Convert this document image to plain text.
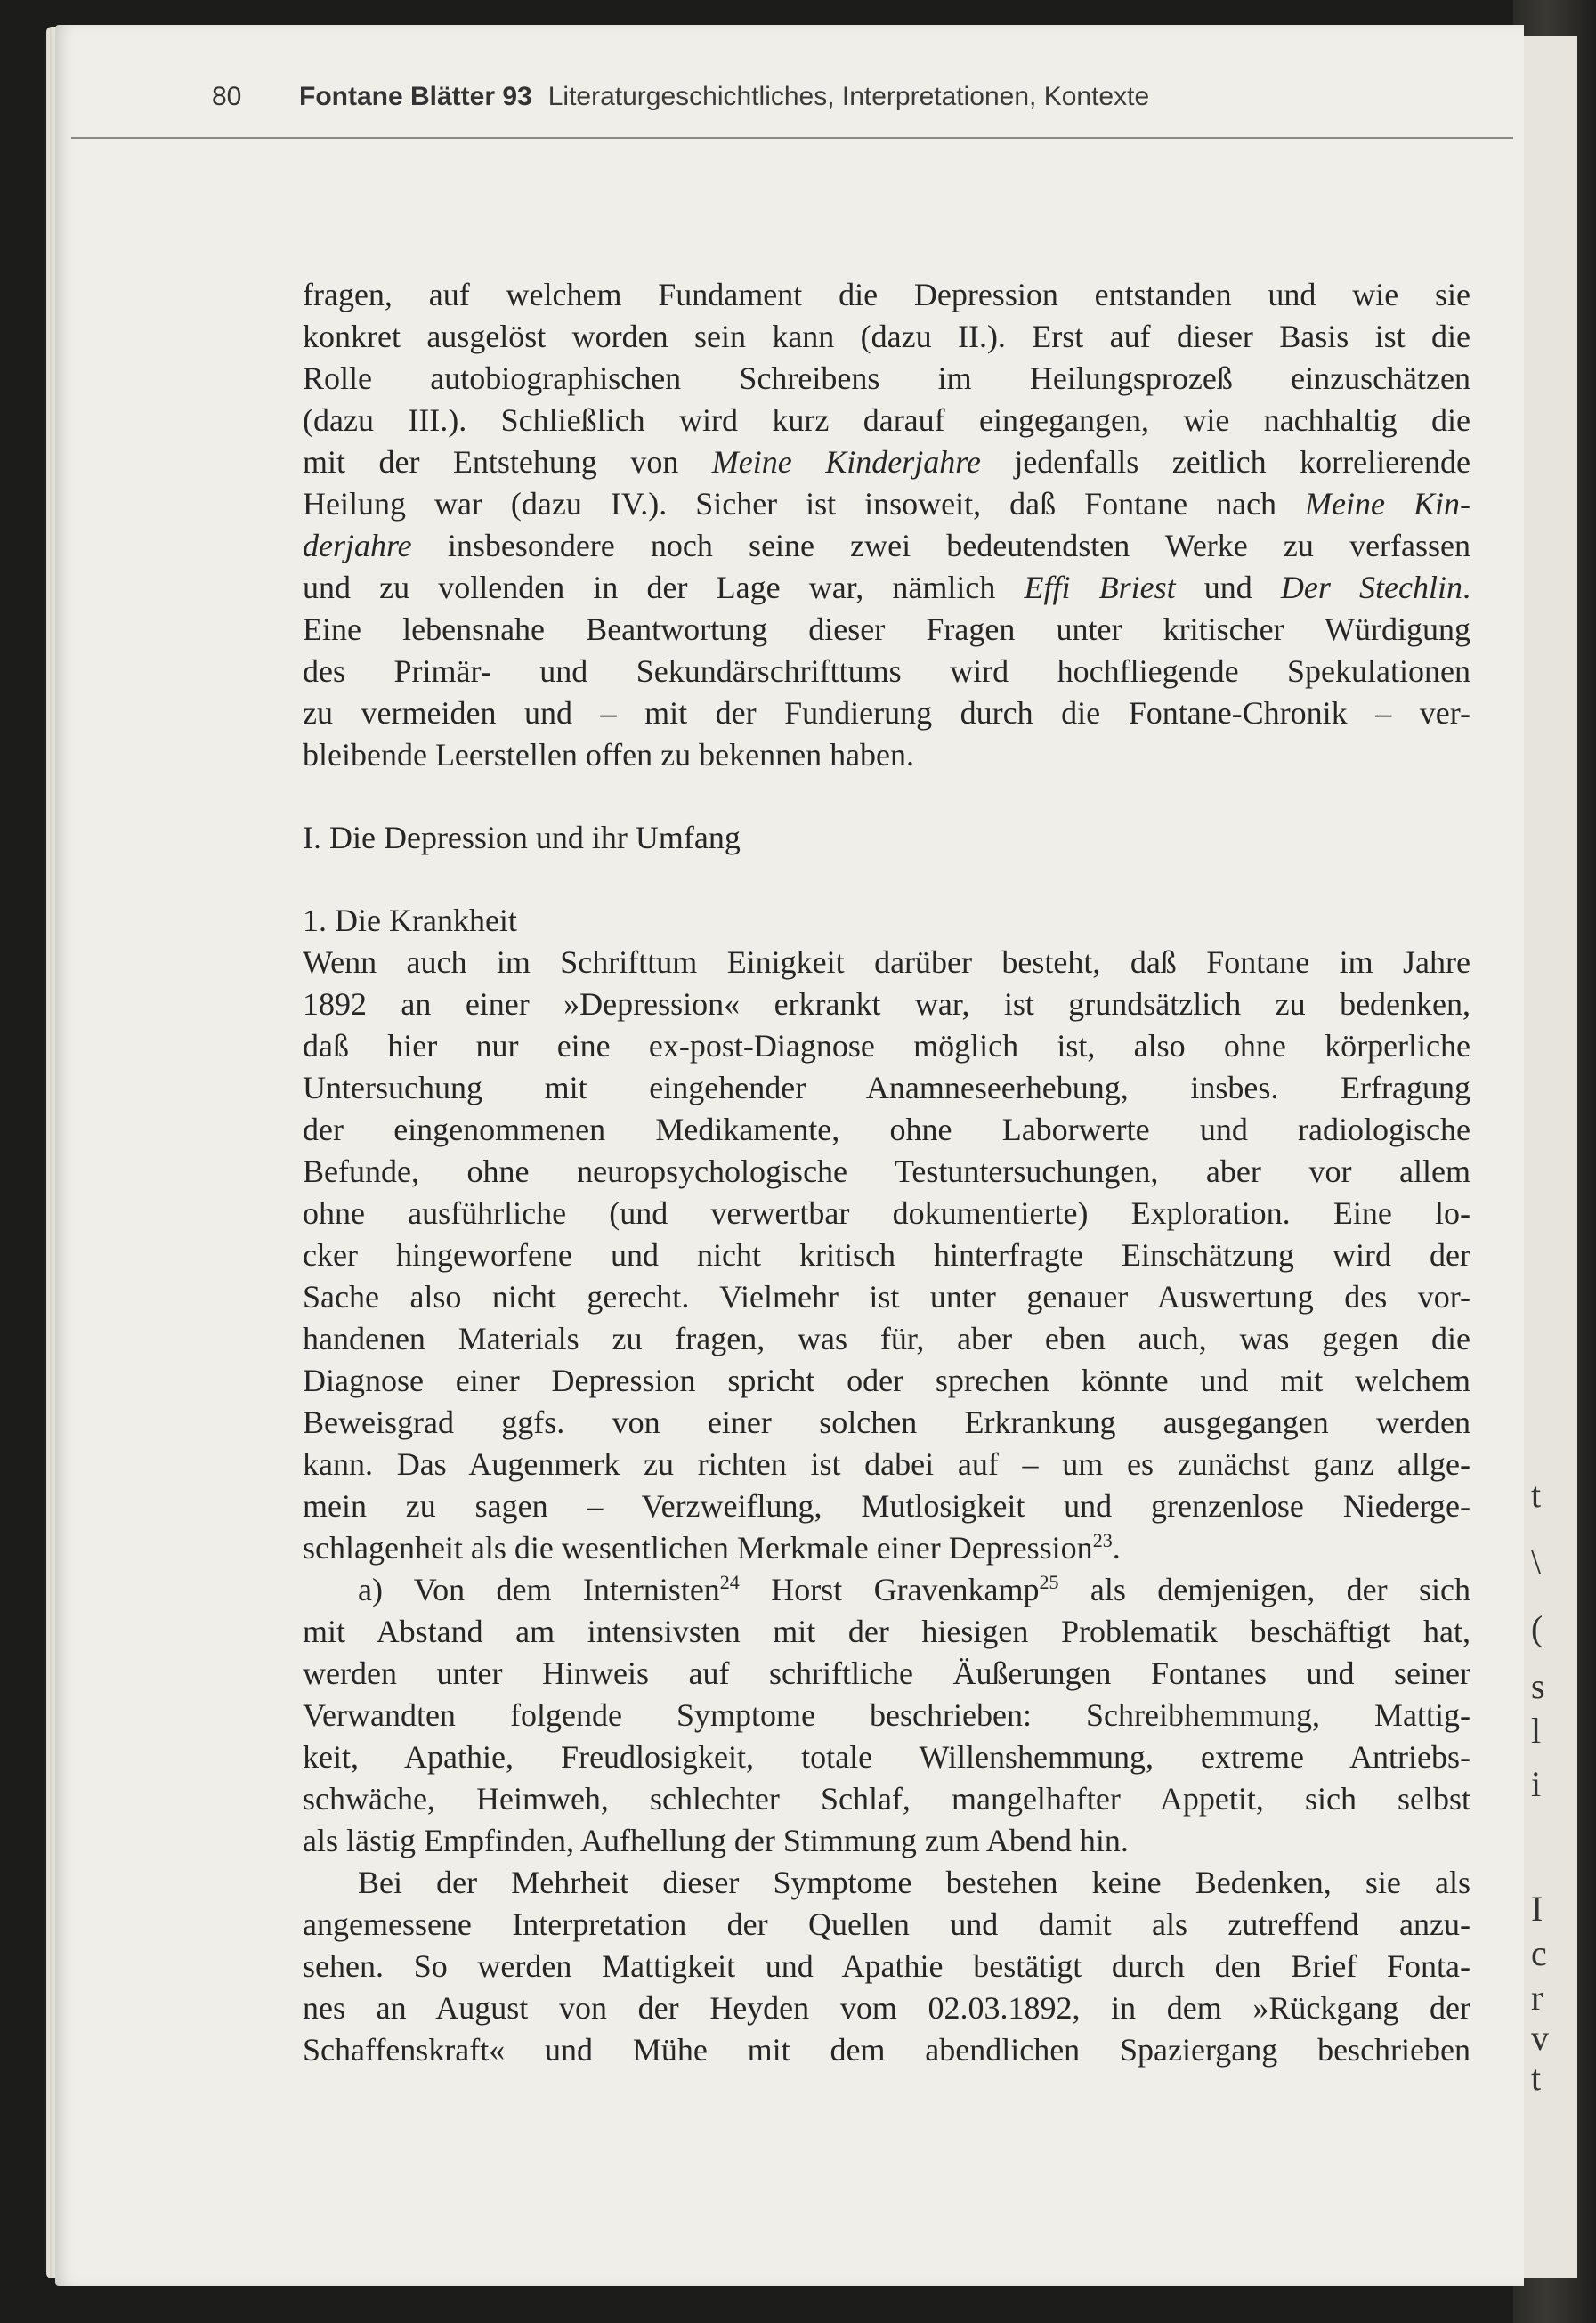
t
\
(
s
l
i
I
c
r
v
t
80 Fontane Blätter 93 Literaturgeschichtliches, Interpretationen, Kontexte

fragen, auf welchem Fundament die Depression entstanden und wie sie

konkret ausgelöst worden sein kann (dazu II.). Erst auf dieser Basis ist die

Rolle autobiographischen Schreibens im Heilungsprozeß einzuschätzen

(dazu III.). Schließlich wird kurz darauf eingegangen, wie nachhaltig die

mit der Entstehung von Meine Kinderjahre jedenfalls zeitlich korrelierende

Heilung war (dazu IV.). Sicher ist insoweit, daß Fontane nach Meine Kin-

derjahre insbesondere noch seine zwei bedeutendsten Werke zu verfassen

und zu vollenden in der Lage war, nämlich Effi Briest und Der Stechlin.

Eine lebensnahe Beantwortung dieser Fragen unter kritischer Würdigung

des Primär- und Sekundärschrifttums wird hochfliegende Spekulationen

zu vermeiden und – mit der Fundierung durch die Fontane-Chronik – ver-

bleibende Leerstellen offen zu bekennen haben.

I. Die Depression und ihr Umfang

1. Die Krankheit

Wenn auch im Schrifttum Einigkeit darüber besteht, daß Fontane im Jahre

1892 an einer »Depression« erkrankt war, ist grundsätzlich zu bedenken,

daß hier nur eine ex-post-Diagnose möglich ist, also ohne körperliche

Untersuchung mit eingehender Anamneseerhebung, insbes. Erfragung

der eingenommenen Medikamente, ohne Laborwerte und radiologische

Befunde, ohne neuropsychologische Testuntersuchungen, aber vor allem

ohne ausführliche (und verwertbar dokumentierte) Exploration. Eine lo-

cker hingeworfene und nicht kritisch hinterfragte Einschätzung wird der

Sache also nicht gerecht. Vielmehr ist unter genauer Auswertung des vor-

handenen Materials zu fragen, was für, aber eben auch, was gegen die

Diagnose einer Depression spricht oder sprechen könnte und mit welchem

Beweisgrad ggfs. von einer solchen Erkrankung ausgegangen werden

kann. Das Augenmerk zu richten ist dabei auf – um es zunächst ganz allge-

mein zu sagen – Verzweiflung, Mutlosigkeit und grenzenlose Niederge-

schlagenheit als die wesentlichen Merkmale einer Depression$^{23}$.

a) Von dem Internisten$^{24}$ Horst Gravenkamp$^{25}$ als demjenigen, der sich

mit Abstand am intensivsten mit der hiesigen Problematik beschäftigt hat,

werden unter Hinweis auf schriftliche Äußerungen Fontanes und seiner

Verwandten folgende Symptome beschrieben: Schreibhemmung, Mattig-

keit, Apathie, Freudlosigkeit, totale Willenshemmung, extreme Antriebs-

schwäche, Heimweh, schlechter Schlaf, mangelhafter Appetit, sich selbst

als lästig Empfinden, Aufhellung der Stimmung zum Abend hin.

Bei der Mehrheit dieser Symptome bestehen keine Bedenken, sie als

angemessene Interpretation der Quellen und damit als zutreffend anzu-

sehen. So werden Mattigkeit und Apathie bestätigt durch den Brief Fonta-

nes an August von der Heyden vom 02.03.1892, in dem »Rückgang der

Schaffenskraft« und Mühe mit dem abendlichen Spaziergang beschrieben
